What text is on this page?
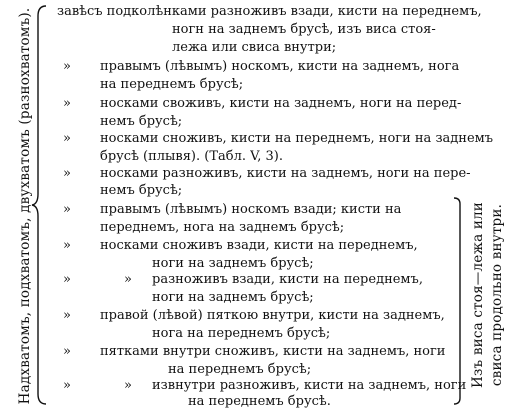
Надхватомъ, подхватомъ, двухватомъ (разнохватомъ).	Изъ виса стоя—лежа или свиса продольно внутри.
завѣсъ подколѣнками разноживъ взади, кисти на переднемъ,
ногн на заднемъ брусѣ, изъ виса стоя-
лежа или свиса внутри;
» правымъ (лѣвымъ) носкомъ, кисти на заднемъ, нога
на переднемъ брусѣ;
» носками своживъ, кисти на заднемъ, ноги на перед-
немъ брусѣ;
» носками сноживъ, кисти на переднемъ, ноги на заднемъ
брусѣ (плывя). (Табл. V, 3).
» носками разноживъ, кисти на заднемъ, ноги на пере-
немъ брусѣ;
» правымъ (лѣвымъ) носкомъ взади; кисти на
переднемъ, нога на заднемъ брусѣ;
» носками сноживъ взади, кисти на переднемъ,
ноги на заднемъ брусѣ;
»	» разноживъ взади, кисти на переднемъ,
ноги на заднемъ брусѣ;
» правой (лѣвой) пяткою внутри, кисти на заднемъ,
нога на переднемъ брусѣ;
» пятками внутри сноживъ, кисти на заднемъ, ноги
на переднемъ брусѣ;
»	» извнутри разноживъ, кисти на заднемъ, ноги
на переднемъ брусѣ.
